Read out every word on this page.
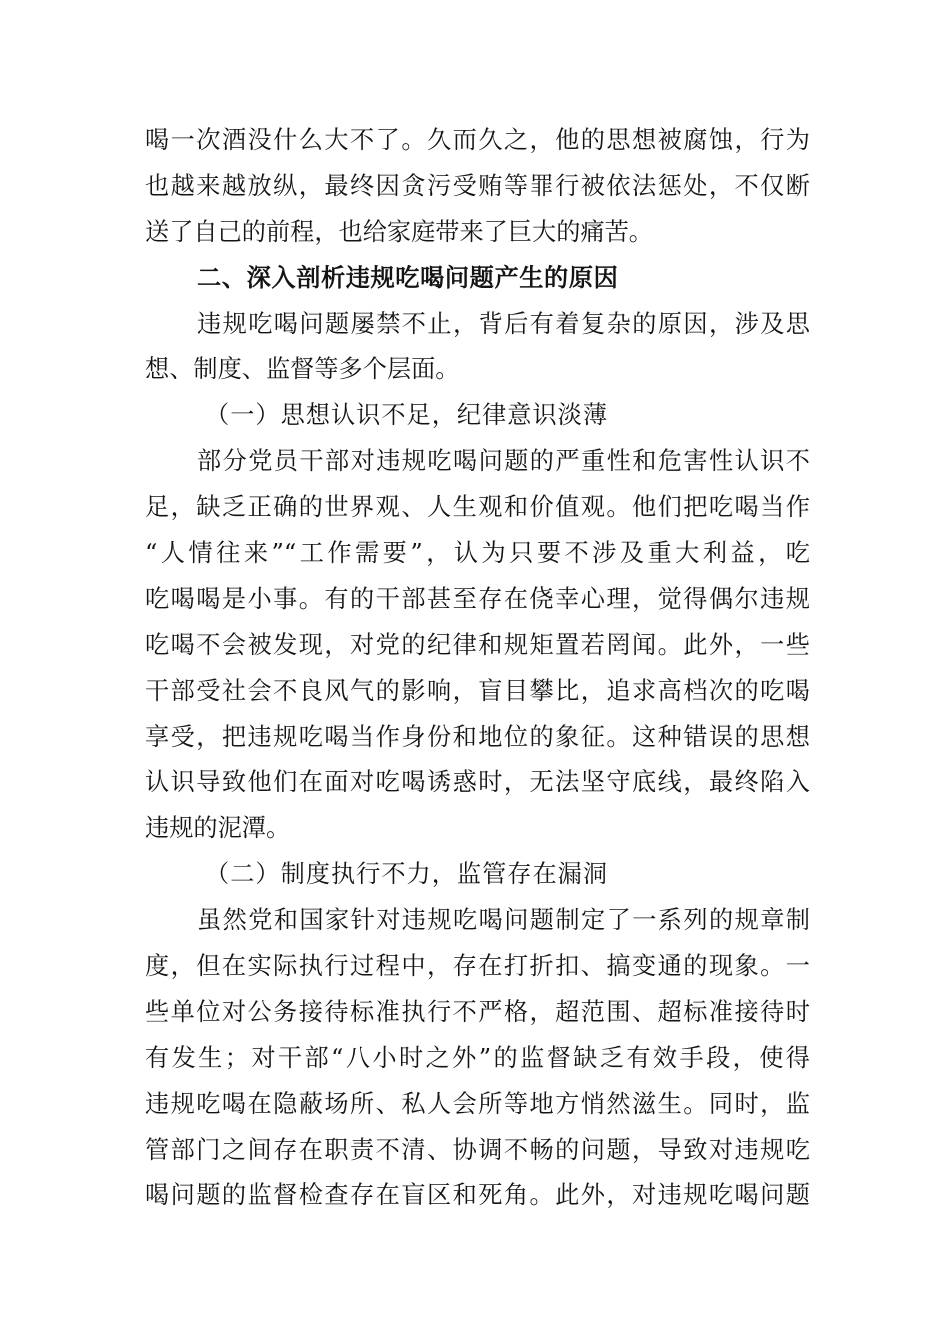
喝一次酒没什么大不了。久而久之，他的思想被腐蚀，行为
也越来越放纵，最终因贪污受贿等罪行被依法惩处，不仅断
送了自己的前程，也给家庭带来了巨大的痛苦。
二、深入剖析违规吃喝问题产生的原因
违规吃喝问题屡禁不止，背后有着复杂的原因，涉及思
想、制度、监督等多个层面。
（一）思想认识不足，纪律意识淡薄
部分党员干部对违规吃喝问题的严重性和危害性认识不
足，缺乏正确的世界观、人生观和价值观。他们把吃喝当作
“人情往来”“工作需要”，认为只要不涉及重大利益，吃
吃喝喝是小事。有的干部甚至存在侥幸心理，觉得偶尔违规
吃喝不会被发现，对党的纪律和规矩置若罔闻。此外，一些
干部受社会不良风气的影响，盲目攀比，追求高档次的吃喝
享受，把违规吃喝当作身份和地位的象征。这种错误的思想
认识导致他们在面对吃喝诱惑时，无法坚守底线，最终陷入
违规的泥潭。
（二）制度执行不力，监管存在漏洞
虽然党和国家针对违规吃喝问题制定了一系列的规章制
度，但在实际执行过程中，存在打折扣、搞变通的现象。一
些单位对公务接待标准执行不严格，超范围、超标准接待时
有发生；对干部“八小时之外”的监督缺乏有效手段，使得
违规吃喝在隐蔽场所、私人会所等地方悄然滋生。同时，监
管部门之间存在职责不清、协调不畅的问题，导致对违规吃
喝问题的监督检查存在盲区和死角。此外，对违规吃喝问题
